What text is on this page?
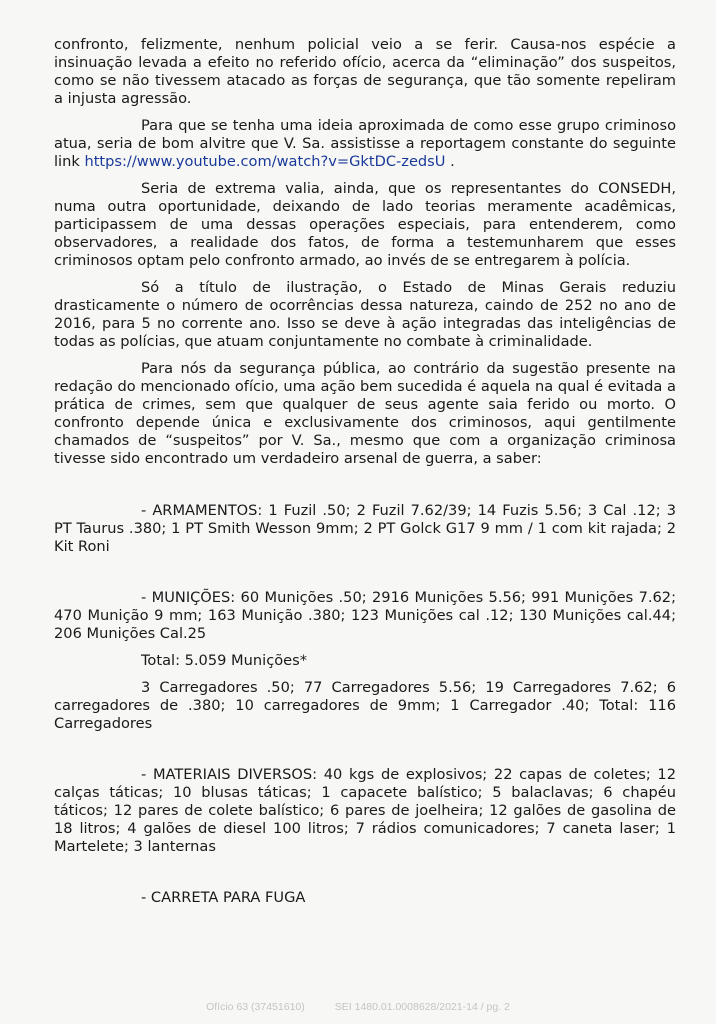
confronto, felizmente, nenhum policial veio a se ferir. Causa-nos espécie a insinuação levada a efeito no referido ofício, acerca da “eliminação” dos suspeitos, como se não tivessem atacado as forças de segurança, que tão somente repeliram a injusta agressão.

Para que se tenha uma ideia aproximada de como esse grupo criminoso atua, seria de bom alvitre que V. Sa. assistisse a reportagem constante do seguinte link https://www.youtube.com/watch?v=GktDC-zedsU .

Seria de extrema valia, ainda, que os representantes do CONSEDH, numa outra oportunidade, deixando de lado teorias meramente acadêmicas, participassem de uma dessas operações especiais, para entenderem, como observadores, a realidade dos fatos, de forma a testemunharem que esses criminosos optam pelo confronto armado, ao invés de se entregarem à polícia.

Só a título de ilustração, o Estado de Minas Gerais reduziu drasticamente o número de ocorrências dessa natureza, caindo de 252 no ano de 2016, para 5 no corrente ano. Isso se deve à ação integradas das inteligências de todas as polícias, que atuam conjuntamente no combate à criminalidade.

Para nós da segurança pública, ao contrário da sugestão presente na redação do mencionado ofício, uma ação bem sucedida é aquela na qual é evitada a prática de crimes, sem que qualquer de seus agente saia ferido ou morto. O confronto depende única e exclusivamente dos criminosos, aqui gentilmente chamados de “suspeitos” por V. Sa., mesmo que com a organização criminosa tivesse sido encontrado um verdadeiro arsenal de guerra, a saber:

- ARMAMENTOS: 1 Fuzil .50; 2 Fuzil 7.62/39; 14 Fuzis 5.56; 3 Cal .12; 3 PT Taurus .380; 1 PT Smith Wesson 9mm; 2 PT Golck G17 9 mm / 1 com kit rajada; 2 Kit Roni

- MUNIÇÕES: 60 Munições .50; 2916 Munições 5.56; 991 Munições 7.62; 470 Munição 9 mm; 163 Munição .380; 123 Munições cal .12; 130 Munições cal.44; 206 Munições Cal.25

Total: 5.059 Munições*

3 Carregadores .50; 77 Carregadores 5.56; 19 Carregadores 7.62; 6 carregadores de .380; 10 carregadores de 9mm; 1 Carregador .40; Total: 116 Carregadores

- MATERIAIS DIVERSOS: 40 kgs de explosivos; 22 capas de coletes; 12 calças táticas; 10 blusas táticas; 1 capacete balístico; 5 balaclavas; 6 chapéu táticos; 12 pares de colete balístico; 6 pares de joelheira; 12 galões de gasolina de 18 litros; 4 galões de diesel 100 litros; 7 rádios comunicadores; 7 caneta laser; 1 Martelete; 3 lanternas

- CARRETA PARA FUGA

Ofício 63 (37451610)	SEI 1480.01.0008628/2021-14 / pg. 2
